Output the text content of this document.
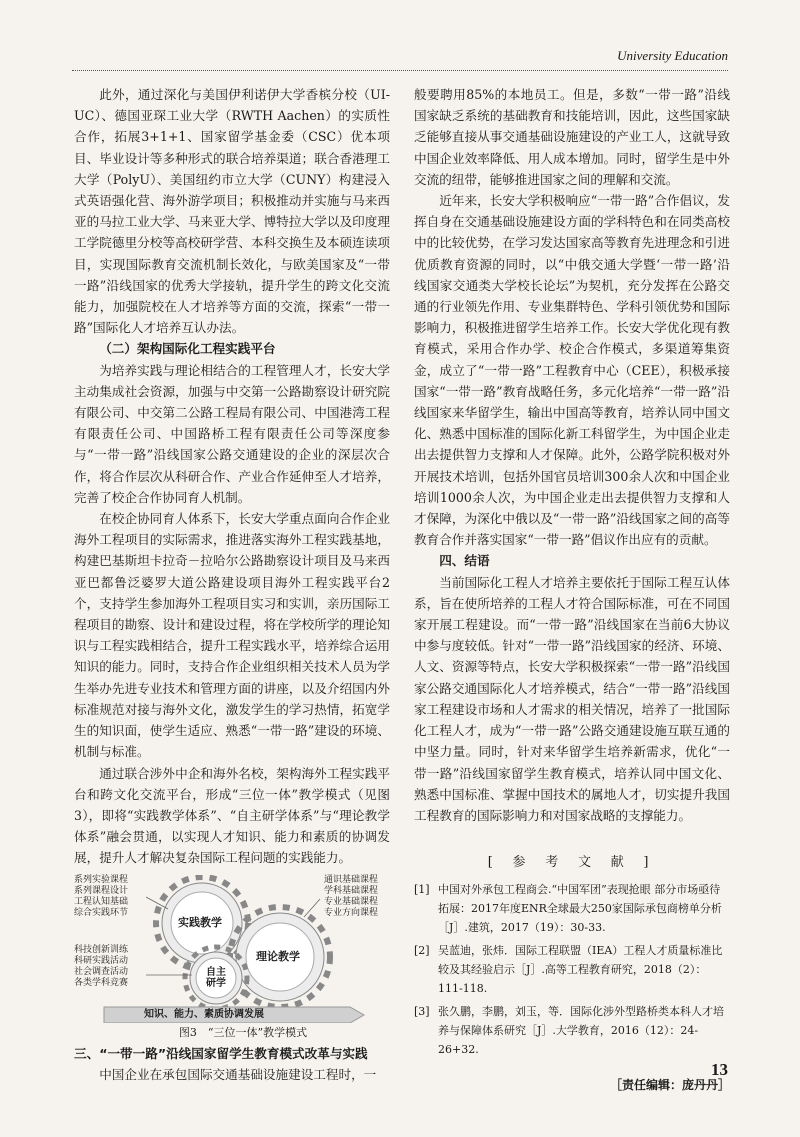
University Education

此外，通过深化与美国伊利诺伊大学香槟分校（UI-UC）、德国亚琛工业大学（RWTH Aachen）的实质性合作，拓展3+1+1、国家留学基金委（CSC）优本项目、毕业设计等多种形式的联合培养渠道；联合香港理工大学（PolyU）、美国纽约市立大学（CUNY）构建浸入式英语强化营、海外游学项目；积极推动并实施与马来西亚的马拉工业大学、马来亚大学、博特拉大学以及印度理工学院德里分校等高校研学营、本科交换生及本硕连读项目，实现国际教育交流机制长效化，与欧美国家及“一带一路”沿线国家的优秀大学接轨，提升学生的跨文化交流能力，加强院校在人才培养等方面的交流，探索“一带一路”国际化人才培养互认办法。

（二）架构国际化工程实践平台

为培养实践与理论相结合的工程管理人才，长安大学主动集成社会资源，加强与中交第一公路勘察设计研究院有限公司、中交第二公路工程局有限公司、中国港湾工程有限责任公司、中国路桥工程有限责任公司等深度参与“一带一路”沿线国家公路交通建设的企业的深层次合作，将合作层次从科研合作、产业合作延伸至人才培养，完善了校企合作协同育人机制。

在校企协同育人体系下，长安大学重点面向合作企业海外工程项目的实际需求，推进落实海外工程实践基地，构建巴基斯坦卡拉奇－拉哈尔公路勘察设计项目及马来西亚巴都鲁泛婆罗大道公路建设项目海外工程实践平台2个，支持学生参加海外工程项目实习和实训，亲历国际工程项目的勘察、设计和建设过程，将在学校所学的理论知识与工程实践相结合，提升工程实践水平，培养综合运用知识的能力。同时，支持合作企业组织相关技术人员为学生举办先进专业技术和管理方面的讲座，以及介绍国内外标准规范对接与海外文化，激发学生的学习热情，拓宽学生的知识面，使学生适应、熟悉“一带一路”建设的环境、机制与标准。

通过联合涉外中企和海外名校，架构海外工程实践平台和跨文化交流平台，形成“三位一体”教学模式（见图3），即将“实践教学体系”、“自主研学体系”与“理论教学体系”融会贯通，以实现人才知识、能力和素质的协调发展，提升人才解决复杂国际工程问题的实践能力。

系列实验课程
系列课程设计
工程认知基础
综合实践环节
科技创新训练
科研实践活动
社会调查活动
各类学科竞赛
通识基础课程
学科基础课程
专业基础课程
专业方向课程
实践教学
理论教学
自主研学
知识、能力、素质协调发展

图3　“三位一体”教学模式

三、“一带一路”沿线国家留学生教育模式改革与实践

中国企业在承包国际交通基础设施建设工程时，一

般要聘用85%的本地员工。但是，多数“一带一路”沿线国家缺乏系统的基础教育和技能培训，因此，这些国家缺乏能够直接从事交通基础设施建设的产业工人，这就导致中国企业效率降低、用人成本增加。同时，留学生是中外交流的纽带，能够推进国家之间的理解和交流。

近年来，长安大学积极响应“一带一路”合作倡议，发挥自身在交通基础设施建设方面的学科特色和在同类高校中的比较优势，在学习发达国家高等教育先进理念和引进优质教育资源的同时，以“中俄交通大学暨‘一带一路’沿线国家交通类大学校长论坛”为契机，充分发挥在公路交通的行业领先作用、专业集群特色、学科引领优势和国际影响力，积极推进留学生培养工作。长安大学优化现有教育模式，采用合作办学、校企合作模式，多渠道筹集资金，成立了“一带一路”工程教育中心（CEE），积极承接国家“一带一路”教育战略任务，多元化培养“一带一路”沿线国家来华留学生，输出中国高等教育，培养认同中国文化、熟悉中国标准的国际化新工科留学生，为中国企业走出去提供智力支撑和人才保障。此外，公路学院积极对外开展技术培训，包括外国官员培训300余人次和中国企业培训1000余人次，为中国企业走出去提供智力支撑和人才保障，为深化中俄以及“一带一路”沿线国家之间的高等教育合作并落实国家“一带一路”倡议作出应有的贡献。

四、结语

当前国际化工程人才培养主要依托于国际工程互认体系，旨在使所培养的工程人才符合国际标准，可在不同国家开展工程建设。而“一带一路”沿线国家在当前6大协议中参与度较低。针对“一带一路”沿线国家的经济、环境、人文、资源等特点，长安大学积极探索“一带一路”沿线国家公路交通国际化人才培养模式，结合“一带一路”沿线国家工程建设市场和人才需求的相关情况，培养了一批国际化工程人才，成为“一带一路”公路交通建设施互联互通的中坚力量。同时，针对来华留学生培养新需求，优化“一带一路”沿线国家留学生教育模式，培养认同中国文化、熟悉中国标准、掌握中国技术的属地人才，切实提升我国工程教育的国际影响力和对国家战略的支撑能力。

[ 参 考 文 献 ]
[1] 中国对外承包工程商会.“中国军团”表现抢眼 部分市场亟待拓展：2017年度ENR全球最大250家国际承包商榜单分析［J］.建筑，2017（19）：30-33.
[2] 吴蓝迪，张炜．国际工程联盟（IEA）工程人才质量标准比较及其经验启示［J］.高等工程教育研究，2018（2）：111-118.
[3] 张久鹏，李鹏，刘玉，等．国际化涉外型路桥类本科人才培养与保障体系研究［J］.大学教育，2016（12）：24-26+32.
［责任编辑：庞丹丹］
13
